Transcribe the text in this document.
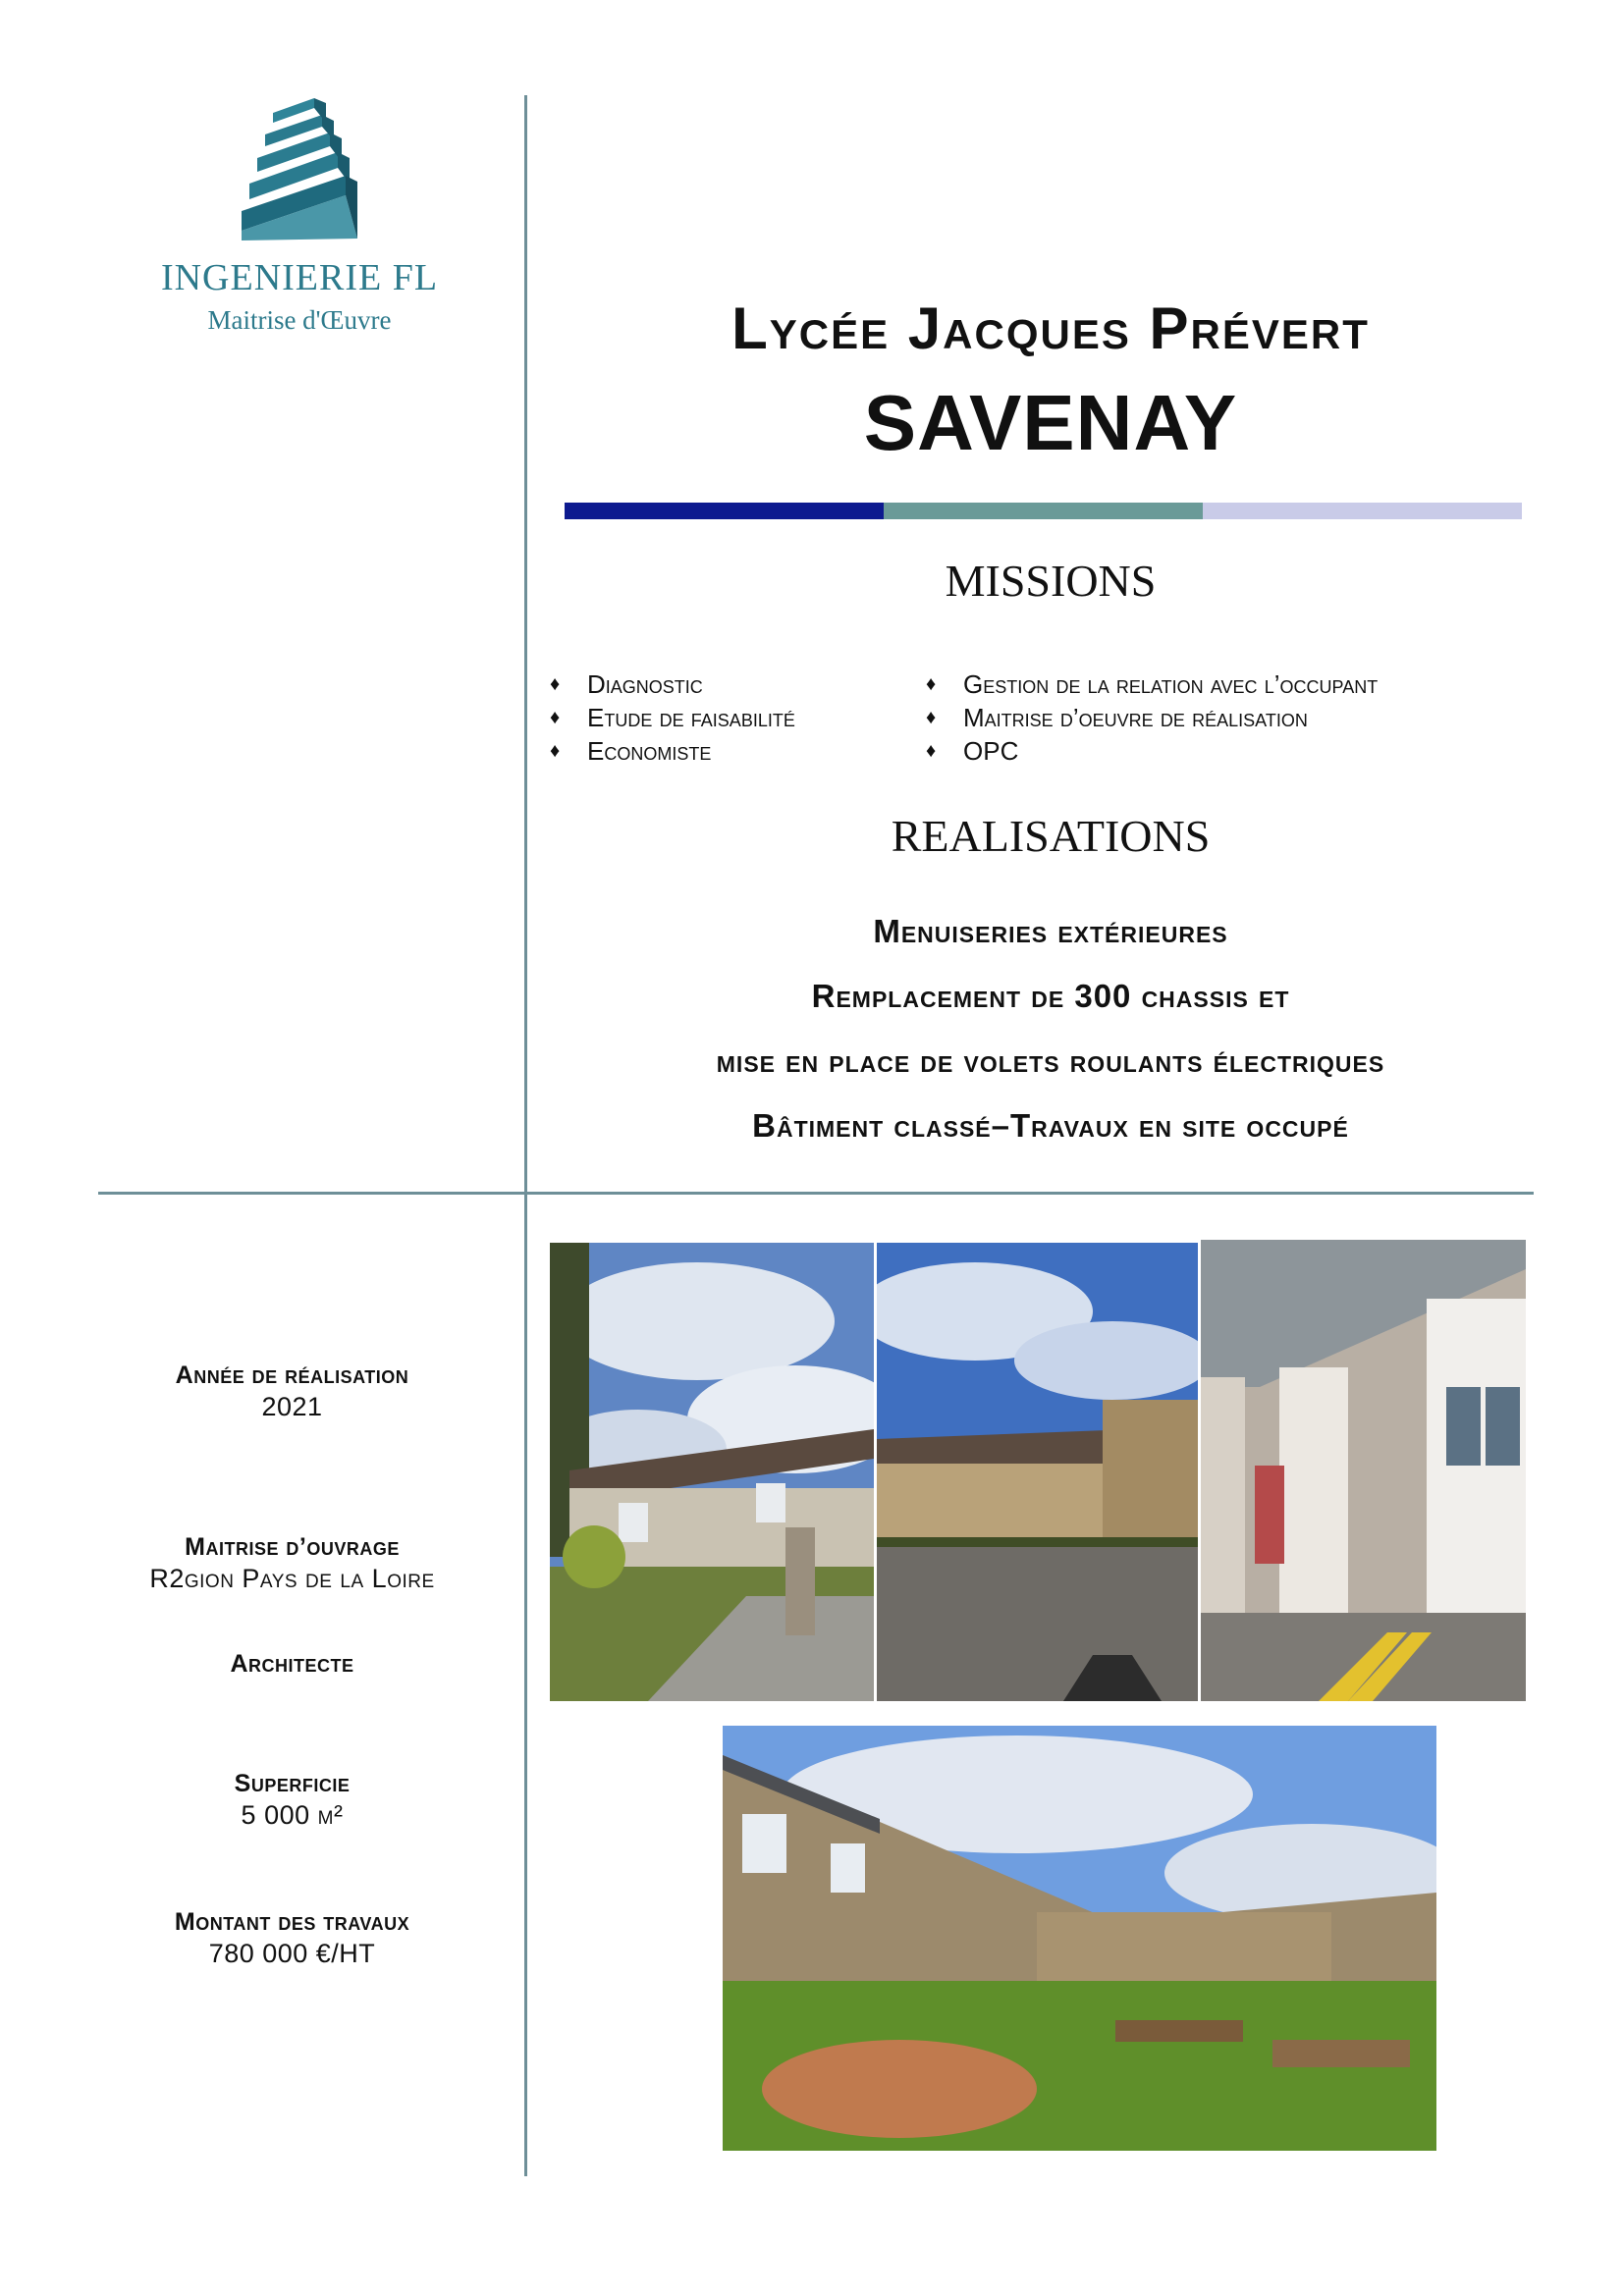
INGENIERIE FL
Maitrise d'Œuvre	Lycée Jacques Prévert
SAVENAY
MISSIONS
♦	Diagnostic
♦	Etude de faisabilité
♦	Economiste
♦	Gestion de la relation avec l’occupant
♦	Maitrise d’oeuvre de réalisation
♦	OPC
REALISATIONS
Menuiseries extérieures
Remplacement de 300 chassis et
mise en place de volets roulants électriques
Bâtiment classé–Travaux en site occupé
Année de réalisation
2021
Maitrise d’ouvrage
R2gion Pays de la Loire
Architecte
Superficie
5 000 m²
Montant des travaux
780 000 €/HT
